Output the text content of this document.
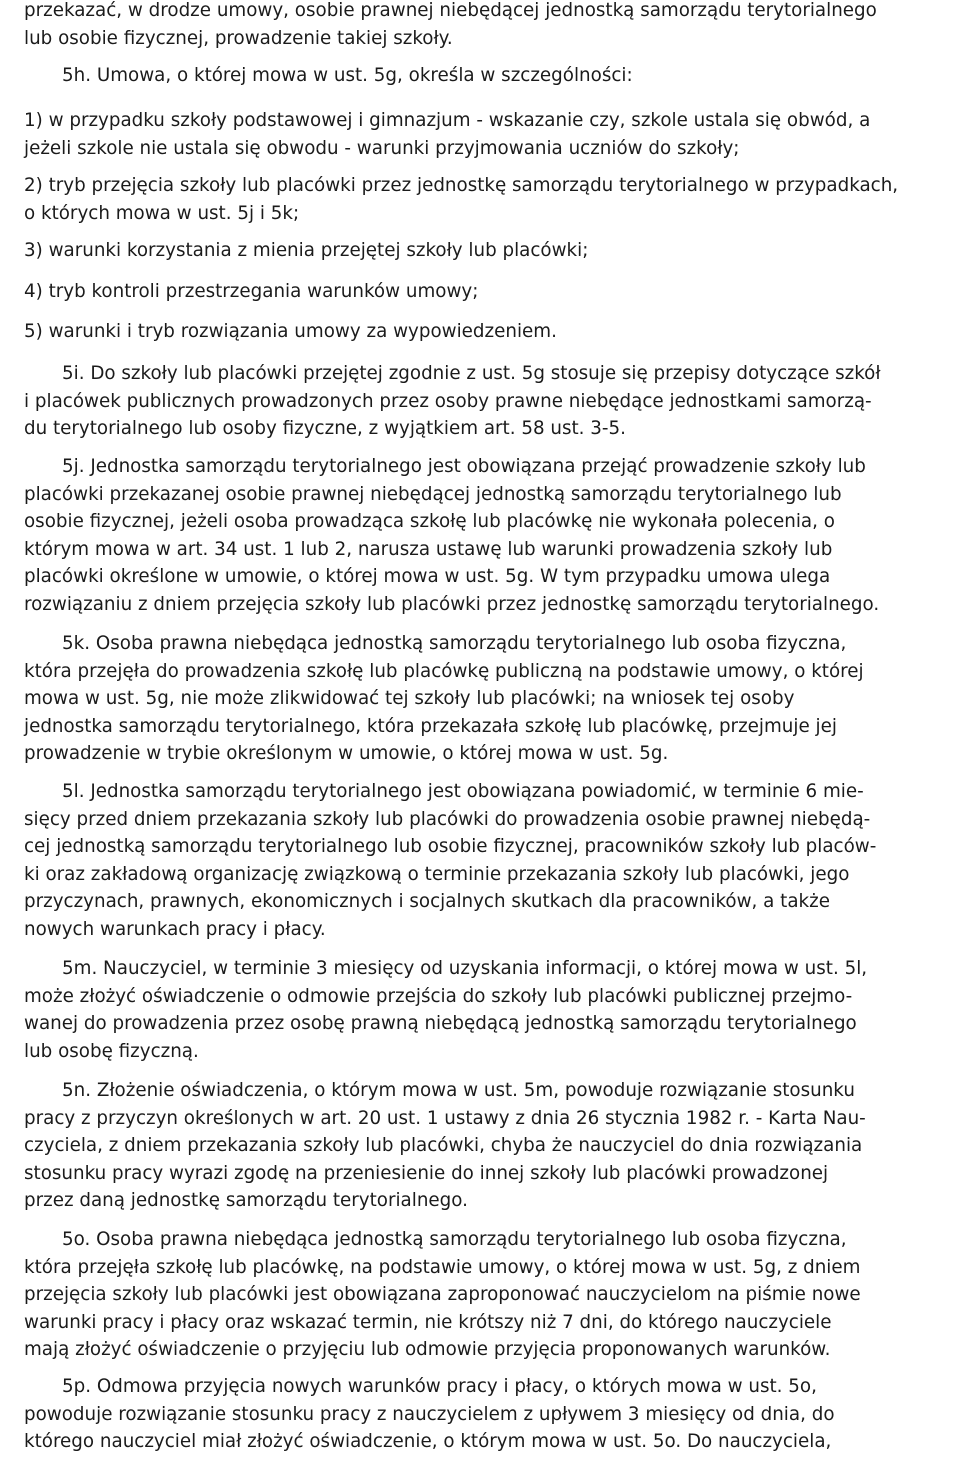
przekazać, w drodze umowy, osobie prawnej niebędącej jednostką samorządu terytorialnego
lub osobie fizycznej, prowadzenie takiej szkoły.
5h. Umowa, o której mowa w ust. 5g, określa w szczególności:
1) w przypadku szkoły podstawowej i gimnazjum - wskazanie czy, szkole ustala się obwód, a
jeżeli szkole nie ustala się obwodu - warunki przyjmowania uczniów do szkoły;
2) tryb przejęcia szkoły lub placówki przez jednostkę samorządu terytorialnego w przypadkach,
o których mowa w ust. 5j i 5k;
3) warunki korzystania z mienia przejętej szkoły lub placówki;
4) tryb kontroli przestrzegania warunków umowy;
5) warunki i tryb rozwiązania umowy za wypowiedzeniem.
5i. Do szkoły lub placówki przejętej zgodnie z ust. 5g stosuje się przepisy dotyczące szkół
i placówek publicznych prowadzonych przez osoby prawne niebędące jednostkami samorzą-
du terytorialnego lub osoby fizyczne, z wyjątkiem art. 58 ust. 3-5.
5j. Jednostka samorządu terytorialnego jest obowiązana przejąć prowadzenie szkoły lub
placówki przekazanej osobie prawnej niebędącej jednostką samorządu terytorialnego lub
osobie fizycznej, jeżeli osoba prowadząca szkołę lub placówkę nie wykonała polecenia, o
którym mowa w art. 34 ust. 1 lub 2, narusza ustawę lub warunki prowadzenia szkoły lub
placówki określone w umowie, o której mowa w ust. 5g. W tym przypadku umowa ulega
rozwiązaniu z dniem przejęcia szkoły lub placówki przez jednostkę samorządu terytorialnego.
5k. Osoba prawna niebędąca jednostką samorządu terytorialnego lub osoba fizyczna,
która przejęła do prowadzenia szkołę lub placówkę publiczną na podstawie umowy, o której
mowa w ust. 5g, nie może zlikwidować tej szkoły lub placówki; na wniosek tej osoby
jednostka samorządu terytorialnego, która przekazała szkołę lub placówkę, przejmuje jej
prowadzenie w trybie określonym w umowie, o której mowa w ust. 5g.
5l. Jednostka samorządu terytorialnego jest obowiązana powiadomić, w terminie 6 mie-
sięcy przed dniem przekazania szkoły lub placówki do prowadzenia osobie prawnej niebędą-
cej jednostką samorządu terytorialnego lub osobie fizycznej, pracowników szkoły lub placów-
ki oraz zakładową organizację związkową o terminie przekazania szkoły lub placówki, jego
przyczynach, prawnych, ekonomicznych i socjalnych skutkach dla pracowników, a także
nowych warunkach pracy i płacy.
5m. Nauczyciel, w terminie 3 miesięcy od uzyskania informacji, o której mowa w ust. 5l,
może złożyć oświadczenie o odmowie przejścia do szkoły lub placówki publicznej przejmo-
wanej do prowadzenia przez osobę prawną niebędącą jednostką samorządu terytorialnego
lub osobę fizyczną.
5n. Złożenie oświadczenia, o którym mowa w ust. 5m, powoduje rozwiązanie stosunku
pracy z przyczyn określonych w art. 20 ust. 1 ustawy z dnia 26 stycznia 1982 r. - Karta Nau-
czyciela, z dniem przekazania szkoły lub placówki, chyba że nauczyciel do dnia rozwiązania
stosunku pracy wyrazi zgodę na przeniesienie do innej szkoły lub placówki prowadzonej
przez daną jednostkę samorządu terytorialnego.
5o. Osoba prawna niebędąca jednostką samorządu terytorialnego lub osoba fizyczna,
która przejęła szkołę lub placówkę, na podstawie umowy, o której mowa w ust. 5g, z dniem
przejęcia szkoły lub placówki jest obowiązana zaproponować nauczycielom na piśmie nowe
warunki pracy i płacy oraz wskazać termin, nie krótszy niż 7 dni, do którego nauczyciele
mają złożyć oświadczenie o przyjęciu lub odmowie przyjęcia proponowanych warunków.
5p. Odmowa przyjęcia nowych warunków pracy i płacy, o których mowa w ust. 5o,
powoduje rozwiązanie stosunku pracy z nauczycielem z upływem 3 miesięcy od dnia, do
którego nauczyciel miał złożyć oświadczenie, o którym mowa w ust. 5o. Do nauczyciela,
